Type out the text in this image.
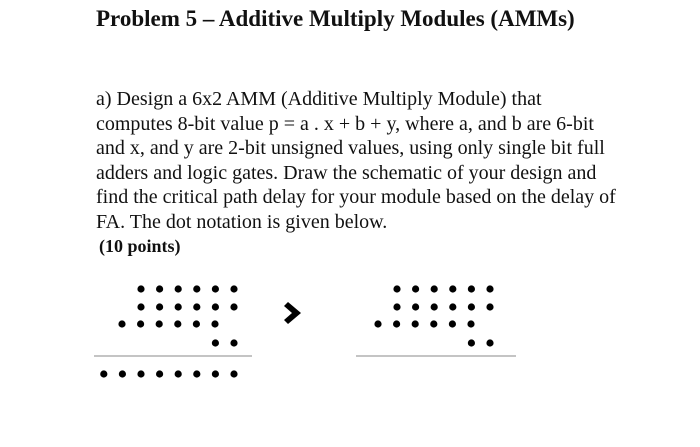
Problem 5 – Additive Multiply Modules (AMMs)

a) Design a 6x2 AMM (Additive Multiply Module) that computes 8-bit value p = a . x + b + y, where a, and b are 6-bit and x, and y are 2-bit unsigned values, using only single bit full adders and logic gates. Draw the schematic of your design and find the critical path delay for your module based on the delay of FA. The dot notation is given below.

(10 points)
